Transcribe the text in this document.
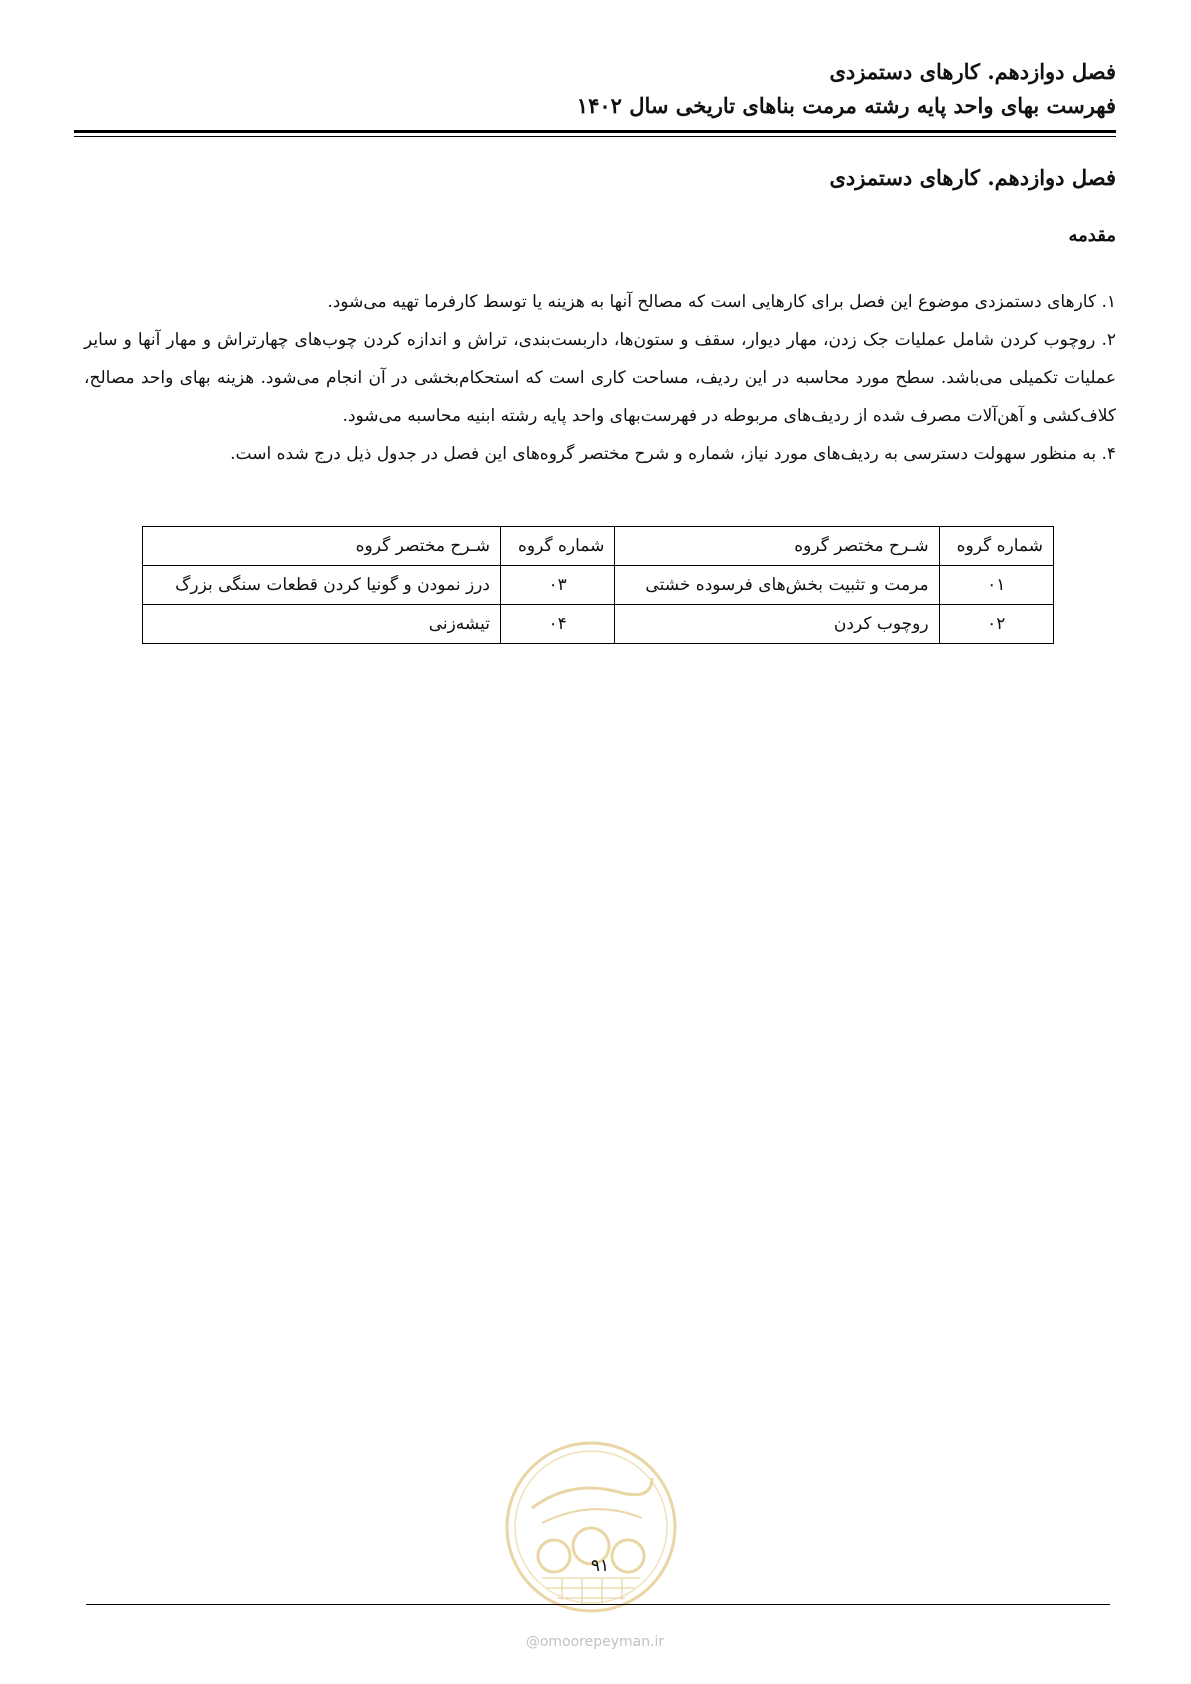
فصل دوازدهم. کارهای دستمزدی
فهرست بهای واحد پایه رشته مرمت بناهای تاریخی سال ۱۴۰۲
فصل دوازدهم. کارهای دستمزدی
مقدمه

۱. کارهای دستمزدی موضوع این فصل برای کارهایی است که مصالح آنها به هزینه یا توسط کارفرما تهیه می‌شود.

۲. روچوب کردن شامل عملیات جک زدن، مهار دیوار، سقف و ستون‌ها، داربست‌بندی، تراش و اندازه کردن چوب‌های چهارتراش و مهار آنها و سایر عملیات تکمیلی می‌باشد. سطح مورد محاسبه در این ردیف، مساحت کاری است که استحکام‌بخشی در آن انجام می‌شود. هزینه بهای واحد مصالح، کلاف‌کشی و آهن‌آلات مصرف شده از ردیف‌های مربوطه در فهرست‌بهای واحد پایه رشته ابنیه محاسبه می‌شود.

۴. به منظور سهولت دسترسی به ردیف‌های مورد نیاز، شماره و شرح مختصر گروه‌های این فصل در جدول ذیل درج شده است.

شماره گروه	شـرح مختصر گروه	شماره گروه	شـرح مختصر گروه
۰۱	مرمت و تثبیت بخش‌های فرسوده خشتی	۰۳	درز نمودن و گونیا کردن قطعات سنگی بزرگ
۰۲	روچوب کردن	۰۴	تیشه‌زنی
۹۱
@omoorepeyman.ir
